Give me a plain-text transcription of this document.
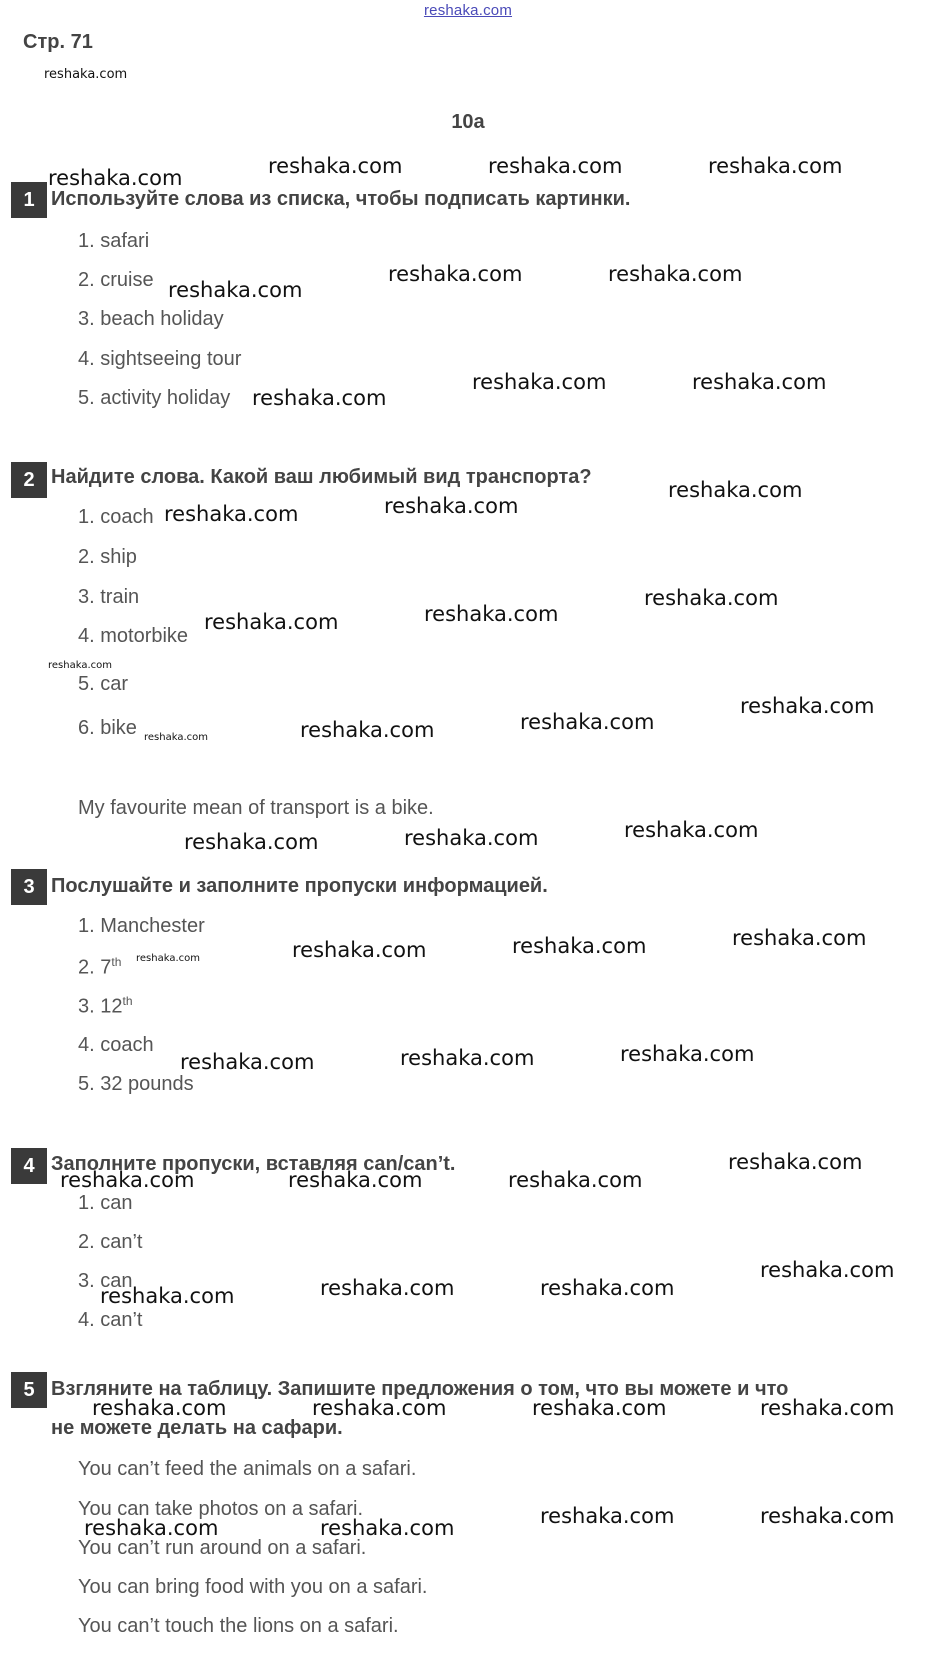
reshaka.com
Стр. 71
reshaka.com
10a
reshaka.com	reshaka.com	reshaka.com	reshaka.com
1 Используйте слова из списка, чтобы подписать картинки.
1. safari
2. cruise reshaka.com
reshaka.com	reshaka.com
3. beach holiday
4. sightseeing tour
5. activity holiday reshaka.com
reshaka.com	reshaka.com
2 Найдите слова. Какой ваш любимый вид транспорта?
reshaka.com
1. coach reshaka.com	reshaka.com
2. ship
3. train	reshaka.com
4. motorbike
reshaka.com	reshaka.com
reshaka.com
5. car
reshaka.com
6. bike reshaka.com	reshaka.com	reshaka.com
My favourite mean of transport is a bike.
reshaka.com	reshaka.com	reshaka.com
3 Послушайте и заполните пропуски информацией.
1. Manchester	reshaka.com
2. 7th reshaka.com	reshaka.com	reshaka.com
3. 12th
4. coach
reshaka.com	reshaka.com	reshaka.com
5. 32 pounds
4 Заполните пропуски, вставляя can/can’t.	reshaka.com
reshaka.com	reshaka.com	reshaka.com
1. can
2. can’t
reshaka.com
3. can
reshaka.com	reshaka.com	reshaka.com
4. can’t
5 Взгляните на таблицу. Запишите предложения о том, что вы можете и что
reshaka.com	reshaka.com	reshaka.com	reshaka.com
не можете делать на сафари.
You can’t feed the animals on a safari.
You can take photos on a safari.
reshaka.com	reshaka.com	reshaka.com	reshaka.com
You can’t run around on a safari.
You can bring food with you on a safari.
You can’t touch the lions on a safari.
